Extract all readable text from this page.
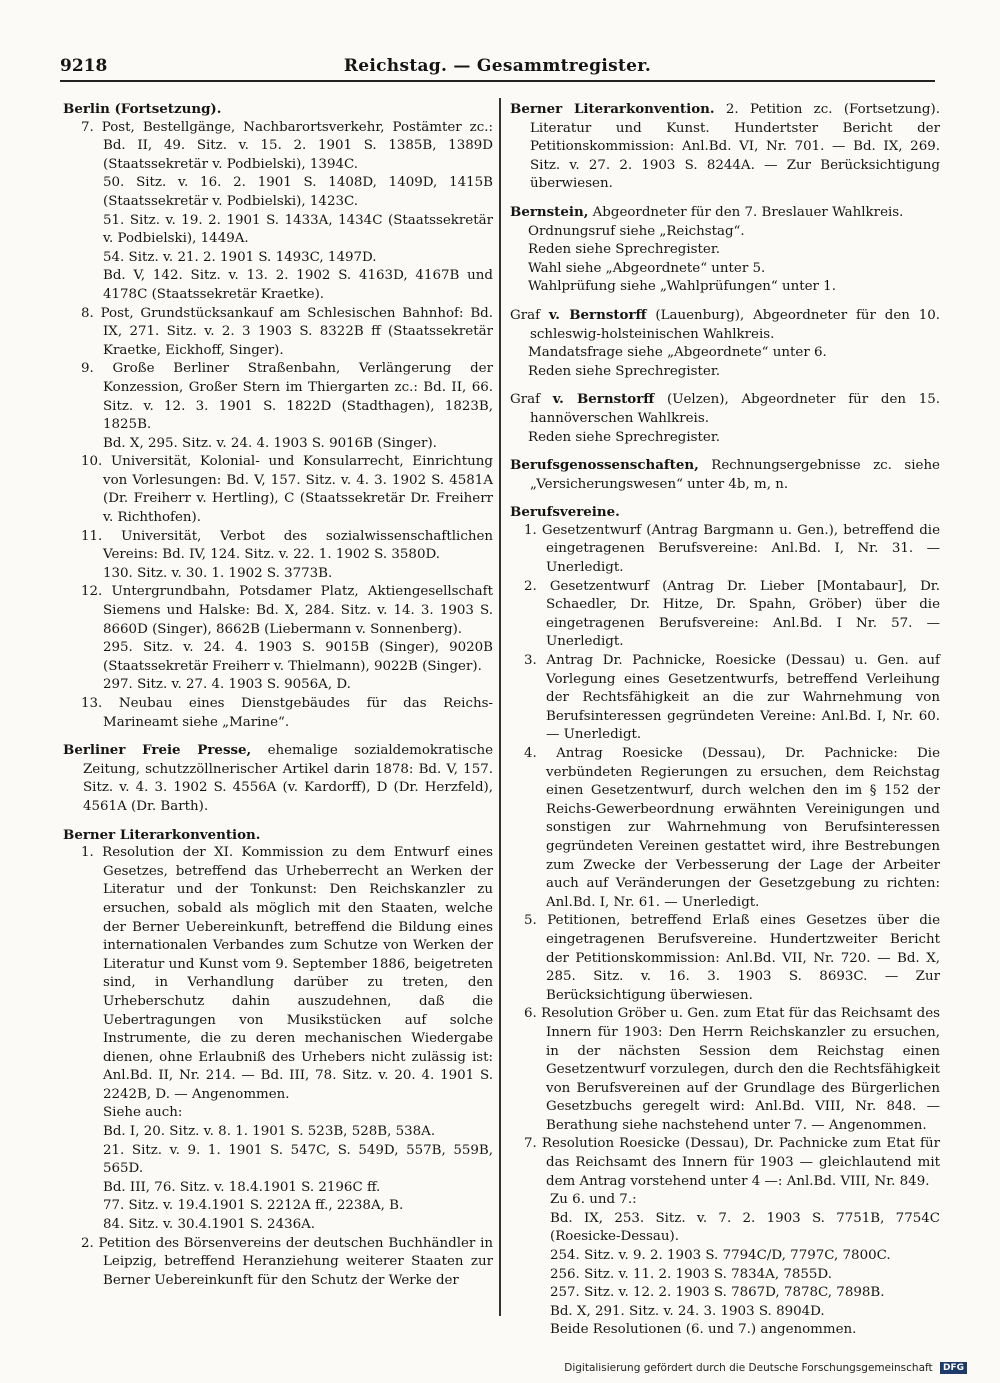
9218	Reichstag. — Gesammtregister.

Berlin (Fortsetzung).

7. Post, Bestellgänge, Nachbarortsverkehr, Postämter zc.: Bd. II, 49. Sitz. v. 15. 2. 1901 S. 1385B, 1389D (Staatssekretär v. Podbielski), 1394C.

50. Sitz. v. 16. 2. 1901 S. 1408D, 1409D, 1415B (Staatssekretär v. Podbielski), 1423C.

51. Sitz. v. 19. 2. 1901 S. 1433A, 1434C (Staatssekretär v. Podbielski), 1449A.

54. Sitz. v. 21. 2. 1901 S. 1493C, 1497D.

Bd. V, 142. Sitz. v. 13. 2. 1902 S. 4163D, 4167B und 4178C (Staatssekretär Kraetke).

8. Post, Grundstücksankauf am Schlesischen Bahnhof: Bd. IX, 271. Sitz. v. 2. 3 1903 S. 8322B ff (Staatssekretär Kraetke, Eickhoff, Singer).

9. Große Berliner Straßenbahn, Verlängerung der Konzession, Großer Stern im Thiergarten zc.: Bd. II, 66. Sitz. v. 12. 3. 1901 S. 1822D (Stadthagen), 1823B, 1825B.

Bd. X, 295. Sitz. v. 24. 4. 1903 S. 9016B (Singer).

10. Universität, Kolonial- und Konsularrecht, Einrichtung von Vorlesungen: Bd. V, 157. Sitz. v. 4. 3. 1902 S. 4581A (Dr. Freiherr v. Hertling), C (Staatssekretär Dr. Freiherr v. Richthofen).

11. Universität, Verbot des sozialwissenschaftlichen Vereins: Bd. IV, 124. Sitz. v. 22. 1. 1902 S. 3580D.

130. Sitz. v. 30. 1. 1902 S. 3773B.

12. Untergrundbahn, Potsdamer Platz, Aktiengesellschaft Siemens und Halske: Bd. X, 284. Sitz. v. 14. 3. 1903 S. 8660D (Singer), 8662B (Liebermann v. Sonnenberg).

295. Sitz. v. 24. 4. 1903 S. 9015B (Singer), 9020B (Staatssekretär Freiherr v. Thielmann), 9022B (Singer).

297. Sitz. v. 27. 4. 1903 S. 9056A, D.

13. Neubau eines Dienstgebäudes für das Reichs-Marineamt siehe „Marine“.

Berliner Freie Presse, ehemalige sozialdemokratische Zeitung, schutzzöllnerischer Artikel darin 1878: Bd. V, 157. Sitz. v. 4. 3. 1902 S. 4556A (v. Kardorff), D (Dr. Herzfeld), 4561A (Dr. Barth).

Berner Literarkonvention.

1. Resolution der XI. Kommission zu dem Entwurf eines Gesetzes, betreffend das Urheberrecht an Werken der Literatur und der Tonkunst: Den Reichskanzler zu ersuchen, sobald als möglich mit den Staaten, welche der Berner Uebereinkunft, betreffend die Bildung eines internationalen Verbandes zum Schutze von Werken der Literatur und Kunst vom 9. September 1886, beigetreten sind, in Verhandlung darüber zu treten, den Urheberschutz dahin auszudehnen, daß die Uebertragungen von Musikstücken auf solche Instrumente, die zu deren mechanischen Wiedergabe dienen, ohne Erlaubniß des Urhebers nicht zulässig ist: Anl.Bd. II, Nr. 214. — Bd. III, 78. Sitz. v. 20. 4. 1901 S. 2242B, D. — Angenommen.

Siehe auch:

Bd. I, 20. Sitz. v. 8. 1. 1901 S. 523B, 528B, 538A.

21. Sitz. v. 9. 1. 1901 S. 547C, S. 549D, 557B, 559B, 565D.

Bd. III, 76. Sitz. v. 18.4.1901 S. 2196C ff.

77. Sitz. v. 19.4.1901 S. 2212A ff., 2238A, B.

84. Sitz. v. 30.4.1901 S. 2436A.

2. Petition des Börsenvereins der deutschen Buchhändler in Leipzig, betreffend Heranziehung weiterer Staaten zur Berner Uebereinkunft für den Schutz der Werke der

Berner Literarkonvention. 2. Petition zc. (Fortsetzung). Literatur und Kunst. Hundertster Bericht der Petitionskommission: Anl.Bd. VI, Nr. 701. — Bd. IX, 269. Sitz. v. 27. 2. 1903 S. 8244A. — Zur Berücksichtigung überwiesen.

Bernstein, Abgeordneter für den 7. Breslauer Wahlkreis.

Ordnungsruf siehe „Reichstag“.

Reden siehe Sprechregister.

Wahl siehe „Abgeordnete“ unter 5.

Wahlprüfung siehe „Wahlprüfungen“ unter 1.

Graf v. Bernstorff (Lauenburg), Abgeordneter für den 10. schleswig-holsteinischen Wahlkreis.

Mandatsfrage siehe „Abgeordnete“ unter 6.

Reden siehe Sprechregister.

Graf v. Bernstorff (Uelzen), Abgeordneter für den 15. hannöverschen Wahlkreis.

Reden siehe Sprechregister.

Berufsgenossenschaften, Rechnungsergebnisse zc. siehe „Versicherungswesen“ unter 4b, m, n.

Berufsvereine.

1. Gesetzentwurf (Antrag Bargmann u. Gen.), betreffend die eingetragenen Berufsvereine: Anl.Bd. I, Nr. 31. — Unerledigt.

2. Gesetzentwurf (Antrag Dr. Lieber [Montabaur], Dr. Schaedler, Dr. Hitze, Dr. Spahn, Gröber) über die eingetragenen Berufsvereine: Anl.Bd. I Nr. 57. — Unerledigt.

3. Antrag Dr. Pachnicke, Roesicke (Dessau) u. Gen. auf Vorlegung eines Gesetzentwurfs, betreffend Verleihung der Rechtsfähigkeit an die zur Wahrnehmung von Berufsinteressen gegründeten Vereine: Anl.Bd. I, Nr. 60. — Unerledigt.

4. Antrag Roesicke (Dessau), Dr. Pachnicke: Die verbündeten Regierungen zu ersuchen, dem Reichstag einen Gesetzentwurf, durch welchen den im § 152 der Reichs-Gewerbeordnung erwähnten Vereinigungen und sonstigen zur Wahrnehmung von Berufsinteressen gegründeten Vereinen gestattet wird, ihre Bestrebungen zum Zwecke der Verbesserung der Lage der Arbeiter auch auf Veränderungen der Gesetzgebung zu richten: Anl.Bd. I, Nr. 61. — Unerledigt.

5. Petitionen, betreffend Erlaß eines Gesetzes über die eingetragenen Berufsvereine. Hundertzweiter Bericht der Petitionskommission: Anl.Bd. VII, Nr. 720. — Bd. X, 285. Sitz. v. 16. 3. 1903 S. 8693C. — Zur Berücksichtigung überwiesen.

6. Resolution Gröber u. Gen. zum Etat für das Reichsamt des Innern für 1903: Den Herrn Reichskanzler zu ersuchen, in der nächsten Session dem Reichstag einen Gesetzentwurf vorzulegen, durch den die Rechtsfähigkeit von Berufsvereinen auf der Grundlage des Bürgerlichen Gesetzbuchs geregelt wird: Anl.Bd. VIII, Nr. 848. — Berathung siehe nachstehend unter 7. — Angenommen.

7. Resolution Roesicke (Dessau), Dr. Pachnicke zum Etat für das Reichsamt des Innern für 1903 — gleichlautend mit dem Antrag vorstehend unter 4 —: Anl.Bd. VIII, Nr. 849.

Zu 6. und 7.:

Bd. IX, 253. Sitz. v. 7. 2. 1903 S. 7751B, 7754C (Roesicke-Dessau).

254. Sitz. v. 9. 2. 1903 S. 7794C/D, 7797C, 7800C.

256. Sitz. v. 11. 2. 1903 S. 7834A, 7855D.

257. Sitz. v. 12. 2. 1903 S. 7867D, 7878C, 7898B.

Bd. X, 291. Sitz. v. 24. 3. 1903 S. 8904D.

Beide Resolutionen (6. und 7.) angenommen.

Digitalisierung gefördert durch die Deutsche Forschungsgemeinschaft DFG
